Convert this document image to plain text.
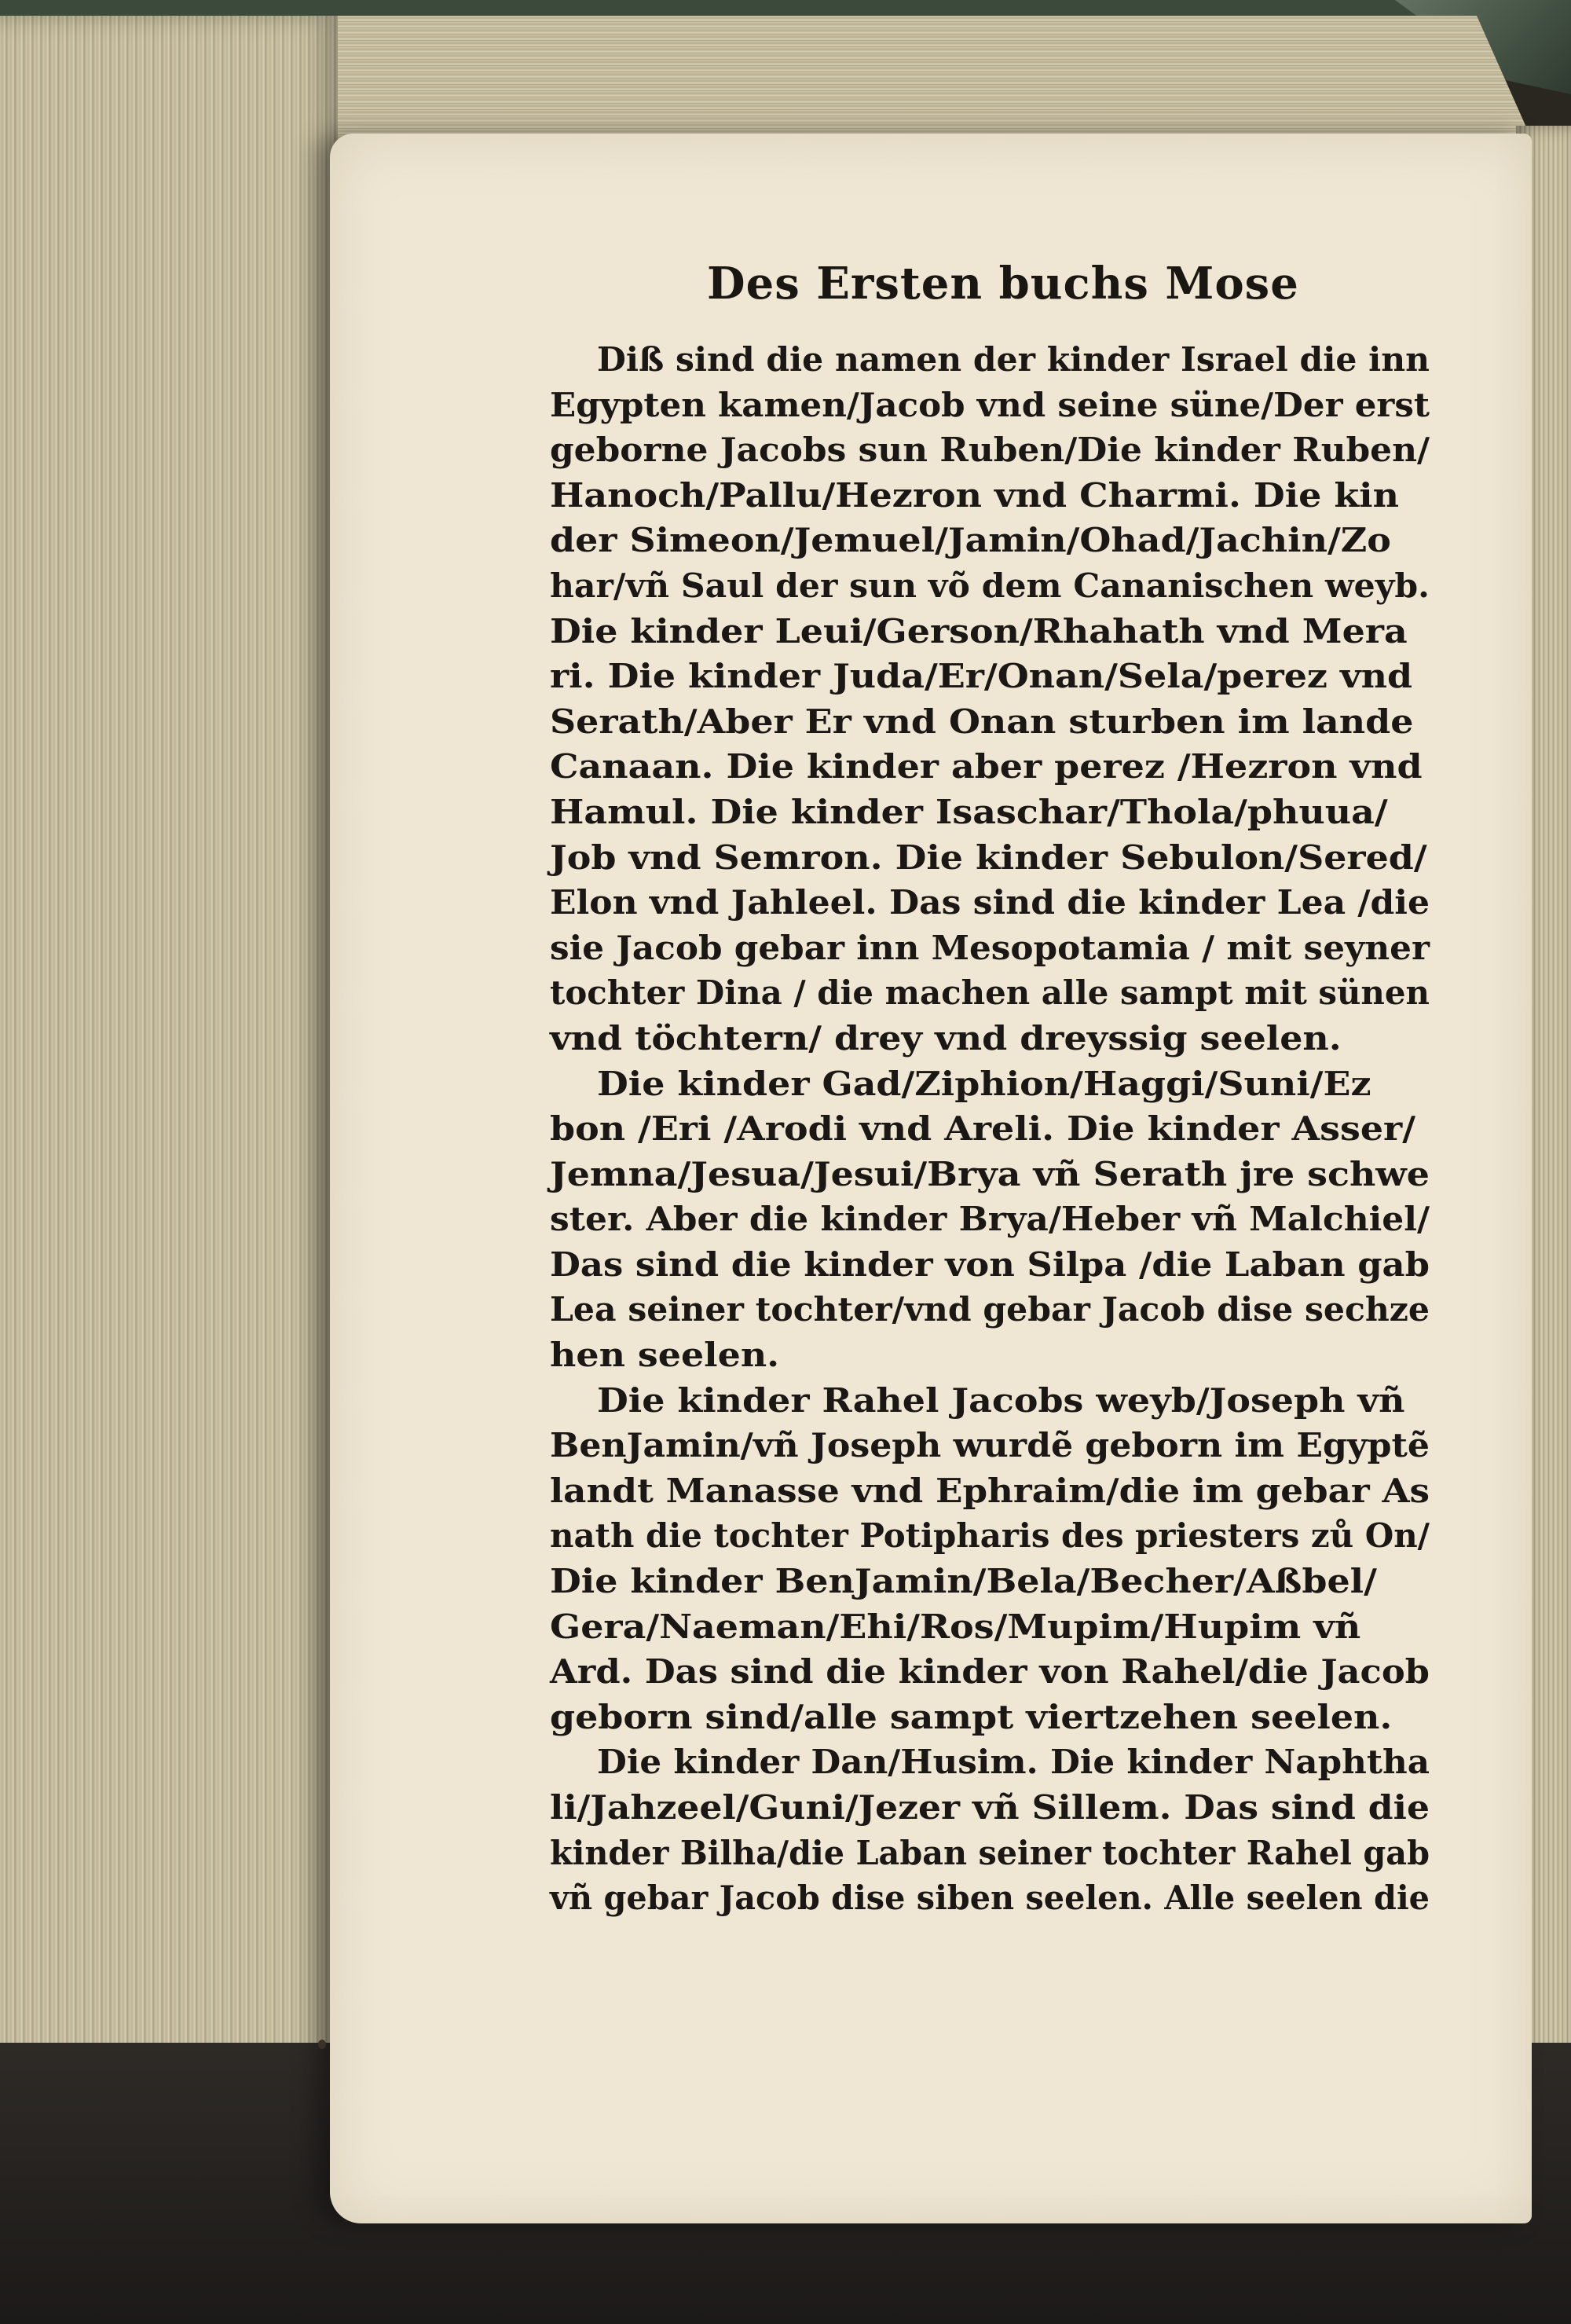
Des Ersten buchs Mose
Diß sind die namen der kinder Israel die inn
Egypten kamen/Jacob vnd seine süne/Der erst
geborne Jacobs sun Ruben/Die kinder Ruben/
Hanoch/Pallu/Hezron vnd Charmi. Die kin
der Simeon/Jemuel/Jamin/Ohad/Jachin/Zo
har/vñ Saul der sun võ dem Cananischen weyb.
Die kinder Leui/Gerson/Rhahath vnd Mera
ri. Die kinder Juda/Er/Onan/Sela/perez vnd
Serath/Aber Er vnd Onan sturben im lande
Canaan. Die kinder aber perez /Hezron vnd
Hamul. Die kinder Isaschar/Thola/phuua/
Job vnd Semron. Die kinder Sebulon/Sered/
Elon vnd Jahleel. Das sind die kinder Lea /die
sie Jacob gebar inn Mesopotamia / mit seyner
tochter Dina / die machen alle sampt mit sünen
vnd töchtern/ drey vnd dreyssig seelen.
Die kinder Gad/Ziphion/Haggi/Suni/Ez
bon /Eri /Arodi vnd Areli. Die kinder Asser/
Jemna/Jesua/Jesui/Brya vñ Serath jre schwe
ster. Aber die kinder Brya/Heber vñ Malchiel/
Das sind die kinder von Silpa /die Laban gab
Lea seiner tochter/vnd gebar Jacob dise sechze
hen seelen.
Die kinder Rahel Jacobs weyb/Joseph vñ
BenJamin/vñ Joseph wurdẽ geborn im Egyptẽ
landt Manasse vnd Ephraim/die im gebar As
nath die tochter Potipharis des priesters zů On/
Die kinder BenJamin/Bela/Becher/Aßbel/
Gera/Naeman/Ehi/Ros/Mupim/Hupim vñ
Ard. Das sind die kinder von Rahel/die Jacob
geborn sind/alle sampt viertzehen seelen.
Die kinder Dan/Husim. Die kinder Naphtha
li/Jahzeel/Guni/Jezer vñ Sillem. Das sind die
kinder Bilha/die Laban seiner tochter Rahel gab
vñ gebar Jacob dise siben seelen. Alle seelen die
